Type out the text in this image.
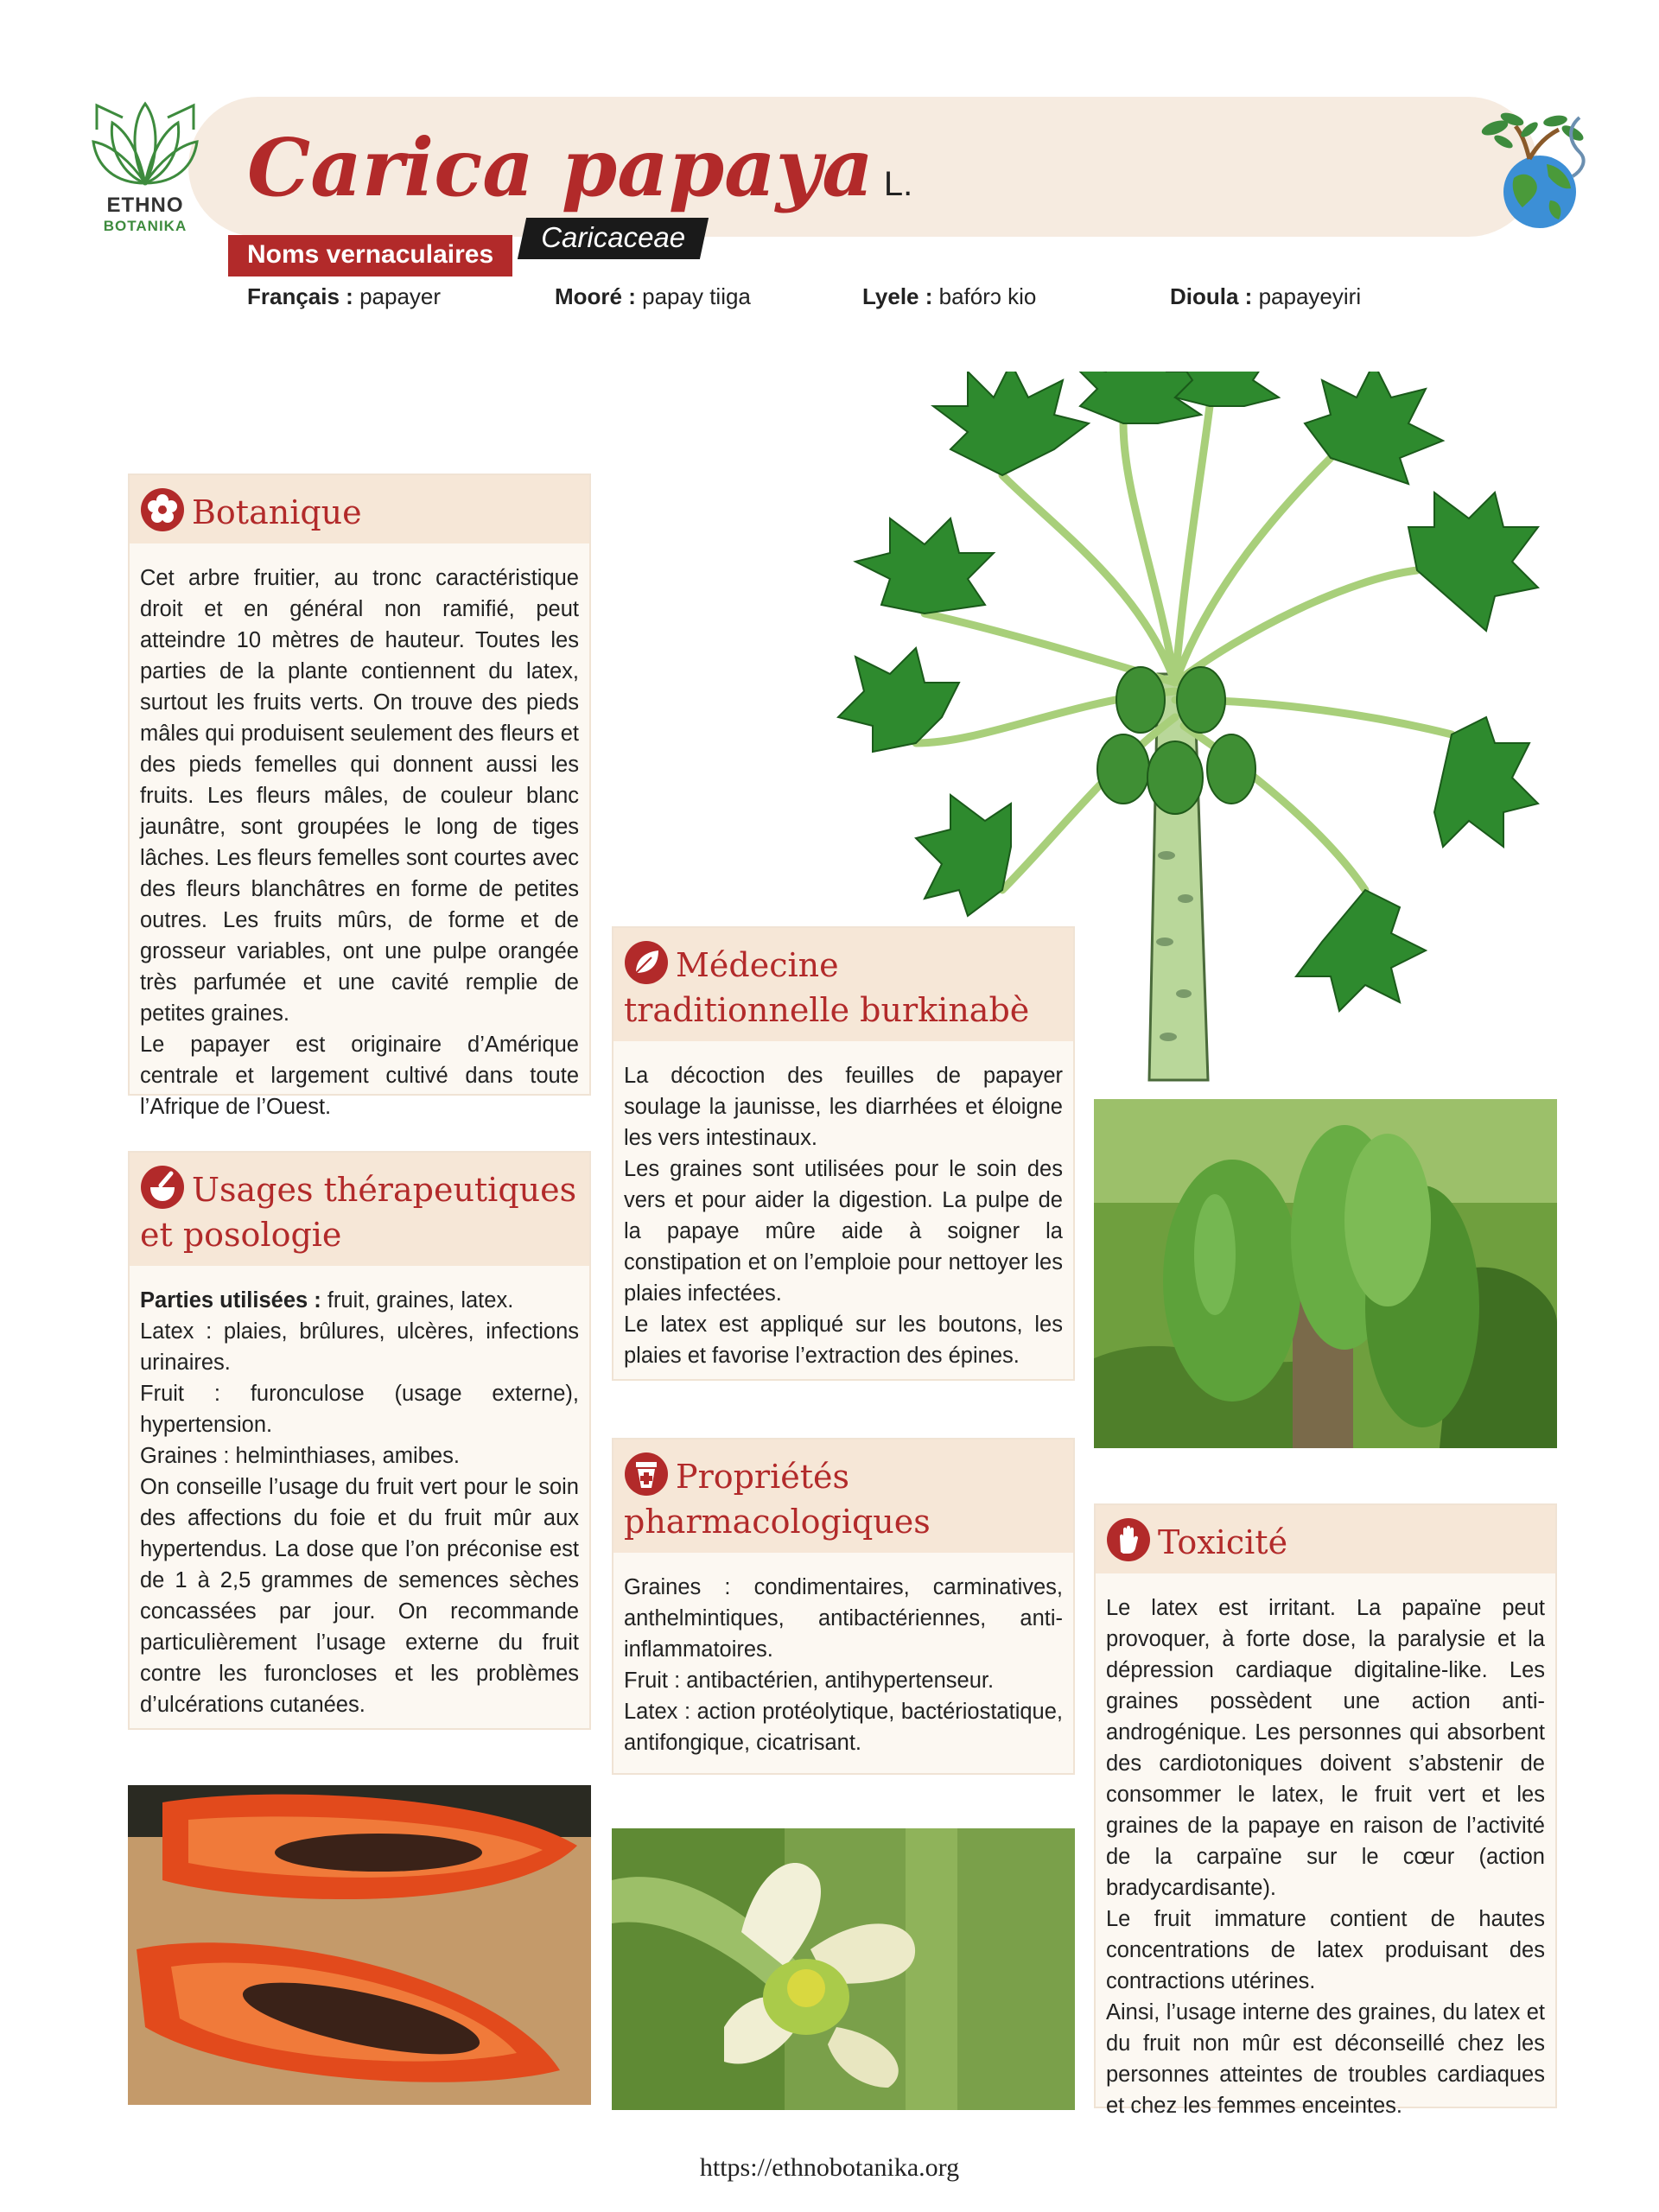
ETHNO
BOTANIKA
Carica papaya L.
Caricaceae
Noms vernaculaires
Français : papayer	Mooré : papay tiiga	Lyele : bafórɔ kio	Dioula : papayeyiri
Botanique

Cet arbre fruitier, au tronc caractéristique droit et en général non ramifié, peut atteindre 10 mètres de hauteur. Toutes les parties de la plante contiennent du latex, surtout les fruits verts. On trouve des pieds mâles qui produisent seulement des fleurs et des pieds femelles qui donnent aussi les fruits. Les fleurs mâles, de couleur blanc jaunâtre, sont groupées le long de tiges lâches. Les fleurs femelles sont courtes avec des fleurs blanchâtres en forme de petites outres. Les fruits mûrs, de forme et de grosseur variables, ont une pulpe orangée très parfumée et une cavité remplie de petites graines.

Le papayer est originaire d’Amérique centrale et largement cultivé dans toute l’Afrique de l’Ouest.

Usages thérapeutiques
et posologie

Parties utilisées : fruit, graines, latex.

Latex : plaies, brûlures, ulcères, infections urinaires.

Fruit : furonculose (usage externe), hypertension.

Graines : helminthiases, amibes.

On conseille l’usage du fruit vert pour le soin des affections du foie et du fruit mûr aux hypertendus. La dose que l’on préconise est de 1 à 2,5 grammes de semences sèches concassées par jour. On recommande particulièrement l’usage externe du fruit contre les furoncloses et les problèmes d’ulcérations cutanées.

Médecine
traditionnelle burkinabè

La décoction des feuilles de papayer soulage la jaunisse, les diarrhées et éloigne les vers intestinaux.

Les graines sont utilisées pour le soin des vers et pour aider la digestion. La pulpe de la papaye mûre aide à soigner la constipation et on l’emploie pour nettoyer les plaies infectées.

Le latex est appliqué sur les boutons, les plaies et favorise l’extraction des épines.

Propriétés
pharmacologiques

Graines : condimentaires, carminatives, anthelmintiques, antibactériennes, anti-inflammatoires.

Fruit : antibactérien, antihypertenseur.

Latex : action protéolytique, bactériostatique, antifongique, cicatrisant.

Toxicité

Le latex est irritant. La papaïne peut provoquer, à forte dose, la paralysie et la dépression cardiaque digitaline-like. Les graines possèdent une action anti-androgénique. Les personnes qui absorbent des cardiotoniques doivent s’abstenir de consommer le latex, le fruit vert et les graines de la papaye en raison de l’activité de la carpaïne sur le cœur (action bradycardisante).

Le fruit immature contient de hautes concentrations de latex produisant des contractions utérines.

Ainsi, l’usage interne des graines, du latex et du fruit non mûr est déconseillé chez les personnes atteintes de troubles cardiaques et chez les femmes enceintes.

https://ethnobotanika.org
